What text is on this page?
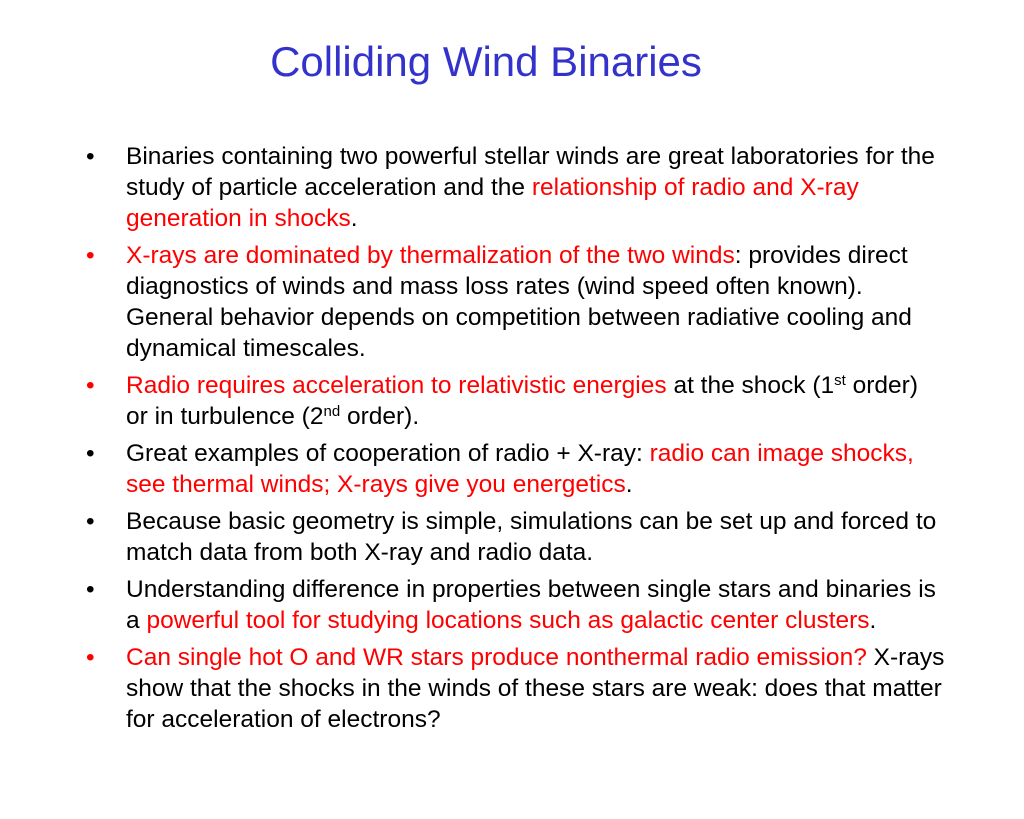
Colliding Wind Binaries
•	Binaries containing two powerful stellar winds are great laboratories for the study of particle acceleration and the relationship of radio and X-ray generation in shocks.
•	X-rays are dominated by thermalization of the two winds: provides direct diagnostics of winds and mass loss rates (wind speed often known). General behavior depends on competition between radiative cooling and dynamical timescales.
•	Radio requires acceleration to relativistic energies at the shock (1st order) or in turbulence (2nd order).
•	Great examples of cooperation of radio + X-ray: radio can image shocks, see thermal winds; X-rays give you energetics.
•	Because basic geometry is simple, simulations can be set up and forced to match data from both X-ray and radio data.
•	Understanding difference in properties between single stars and binaries is a powerful tool for studying locations such as galactic center clusters.
•	Can single hot O and WR stars produce nonthermal radio emission? X-rays show that the shocks in the winds of these stars are weak: does that matter for acceleration of electrons?
